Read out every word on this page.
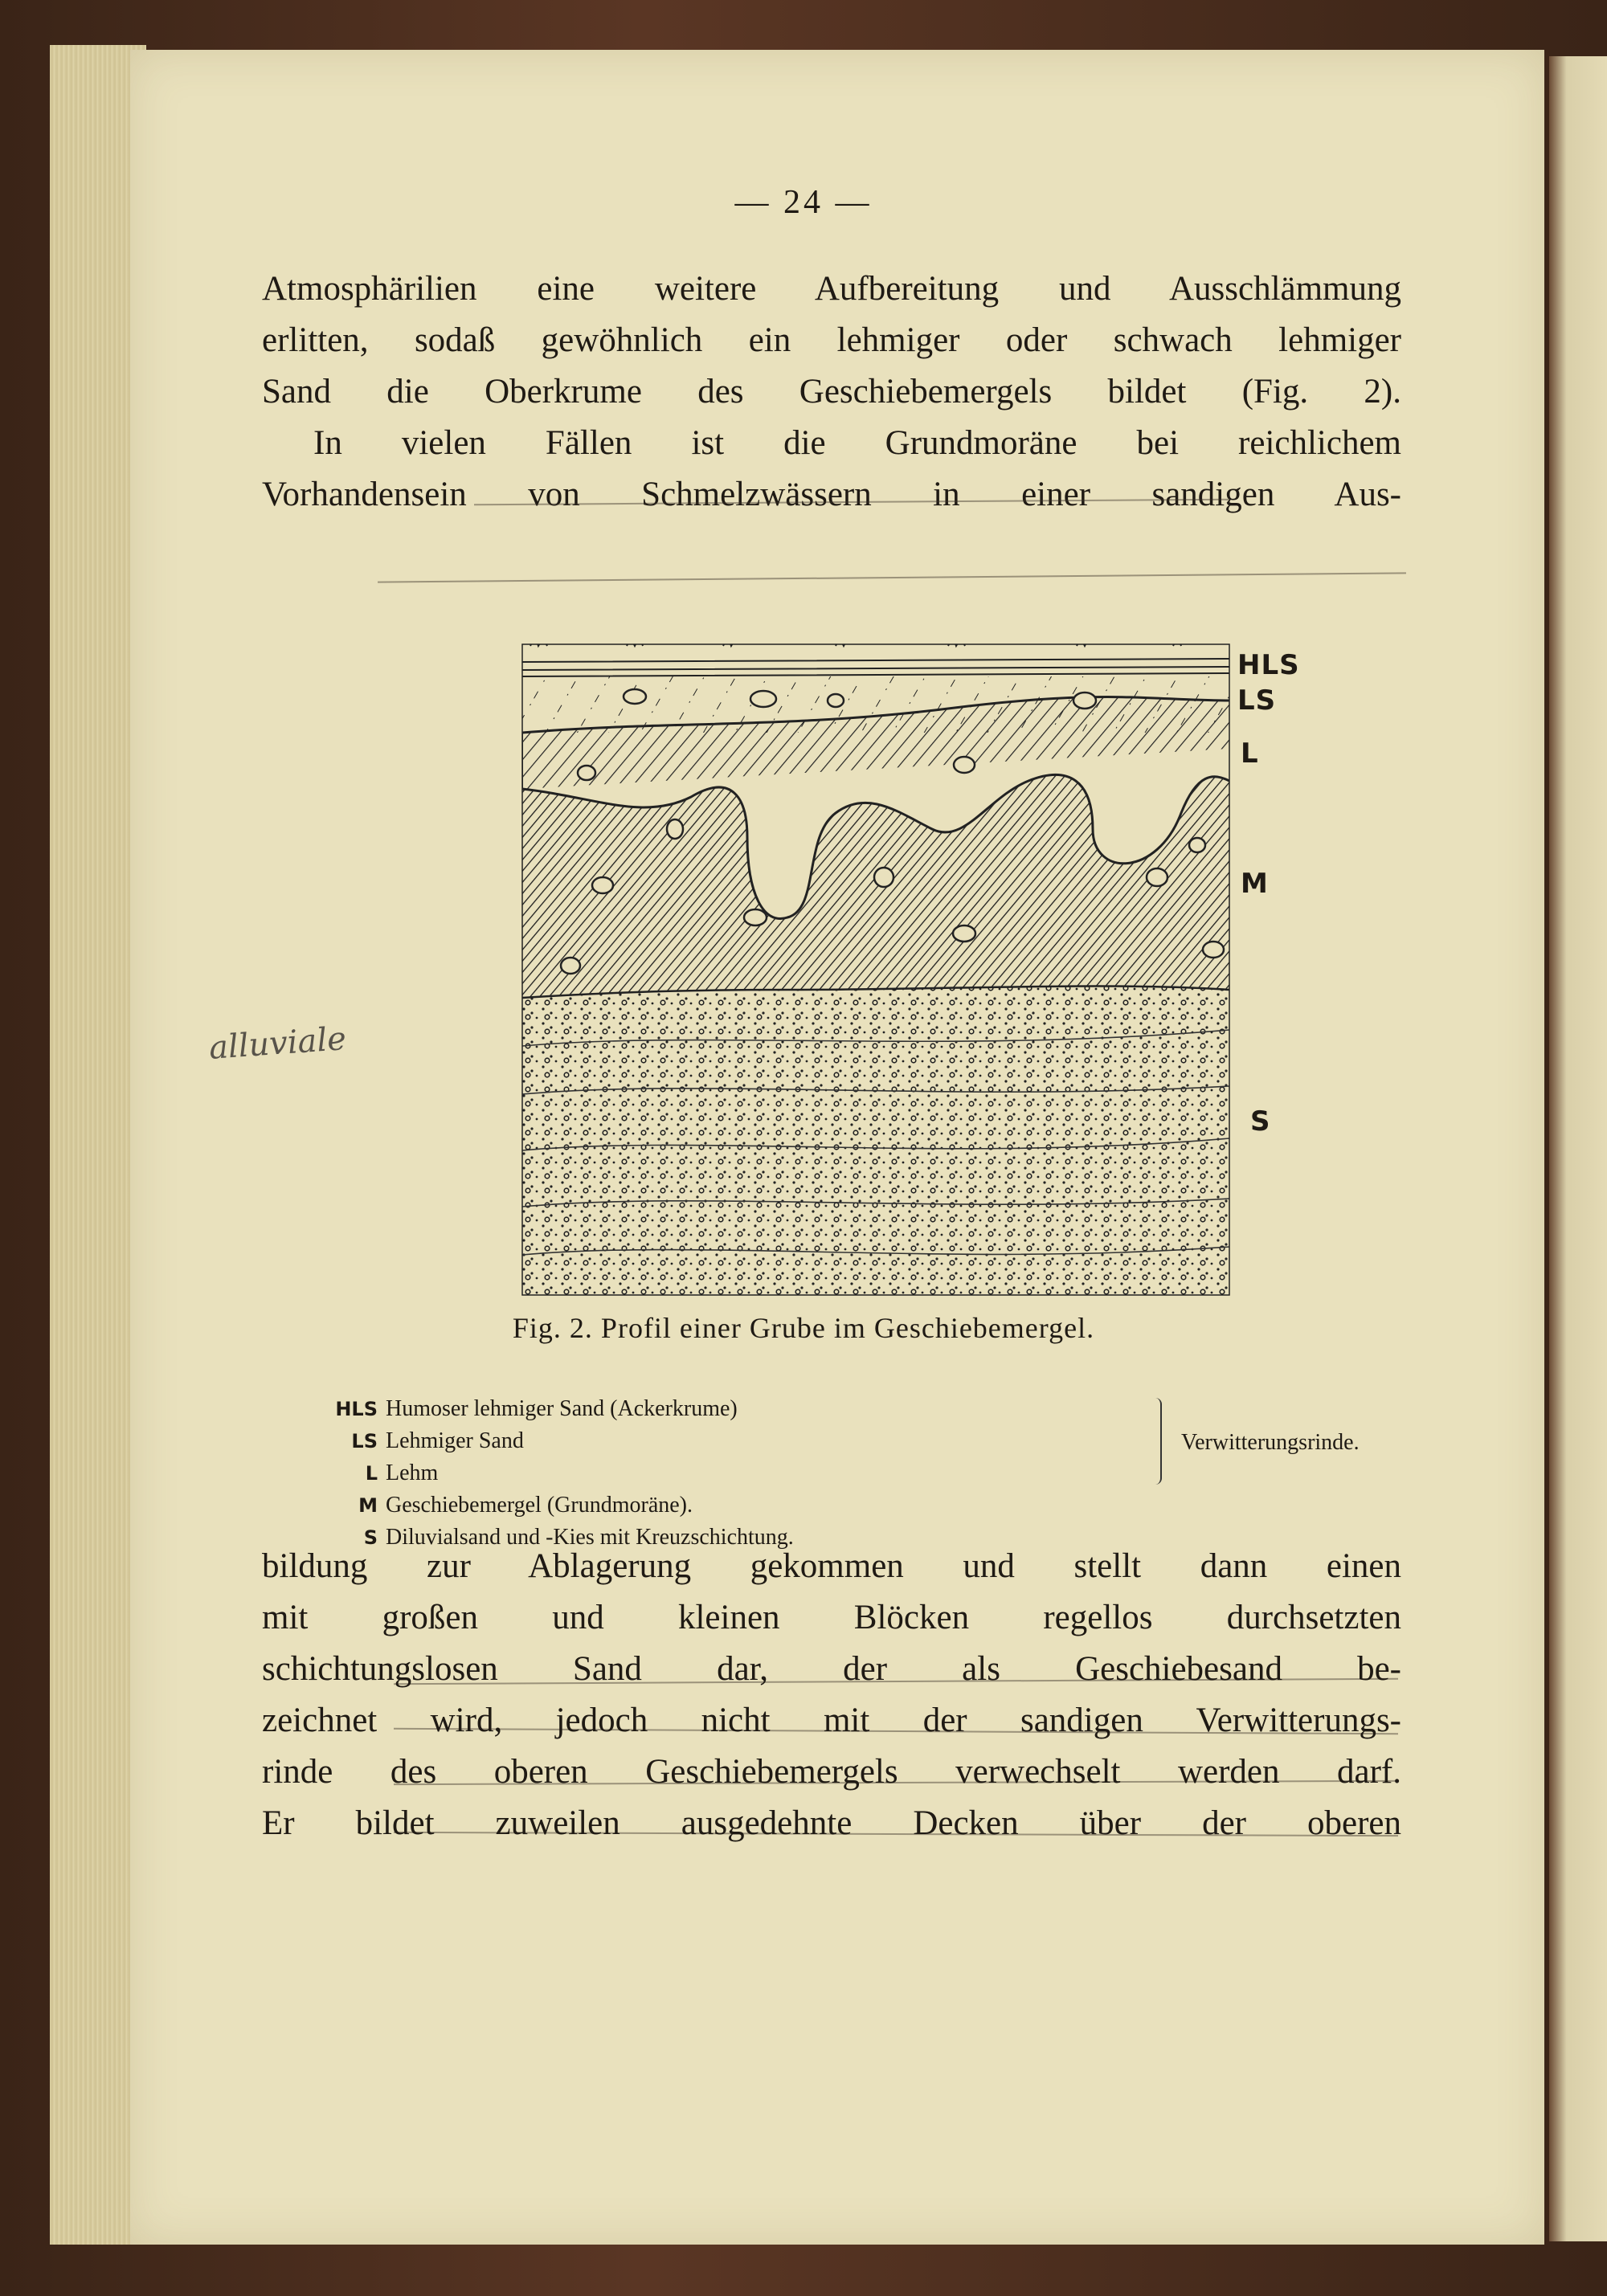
— 24 —
Atmosphärilien eine weitere Aufbereitung und Ausschlämmung
erlitten, sodaß gewöhnlich ein lehmiger oder schwach lehmiger
Sand die Oberkrume des Geschiebemergels bildet (Fig. 2).
In vielen Fällen ist die Grundmoräne bei reichlichem
Vorhandensein von Schmelzwässern in einer sandigen Aus-
HLS
LS
L
M
S
alluviale
Fig. 2. Profil einer Grube im Geschiebemergel.
HLS Humoser lehmiger Sand (Ackerkrume)
LS Lehmiger Sand
L Lehm
M Geschiebemergel (Grundmoräne).
S Diluvialsand und -Kies mit Kreuzschichtung.
Verwitterungsrinde.
bildung zur Ablagerung gekommen und stellt dann einen
mit großen und kleinen Blöcken regellos durchsetzten
schichtungslosen Sand dar, der als Geschiebesand be-
zeichnet wird, jedoch nicht mit der sandigen Verwitterungs-
rinde des oberen Geschiebemergels verwechselt werden darf.
Er bildet zuweilen ausgedehnte Decken über der oberen
